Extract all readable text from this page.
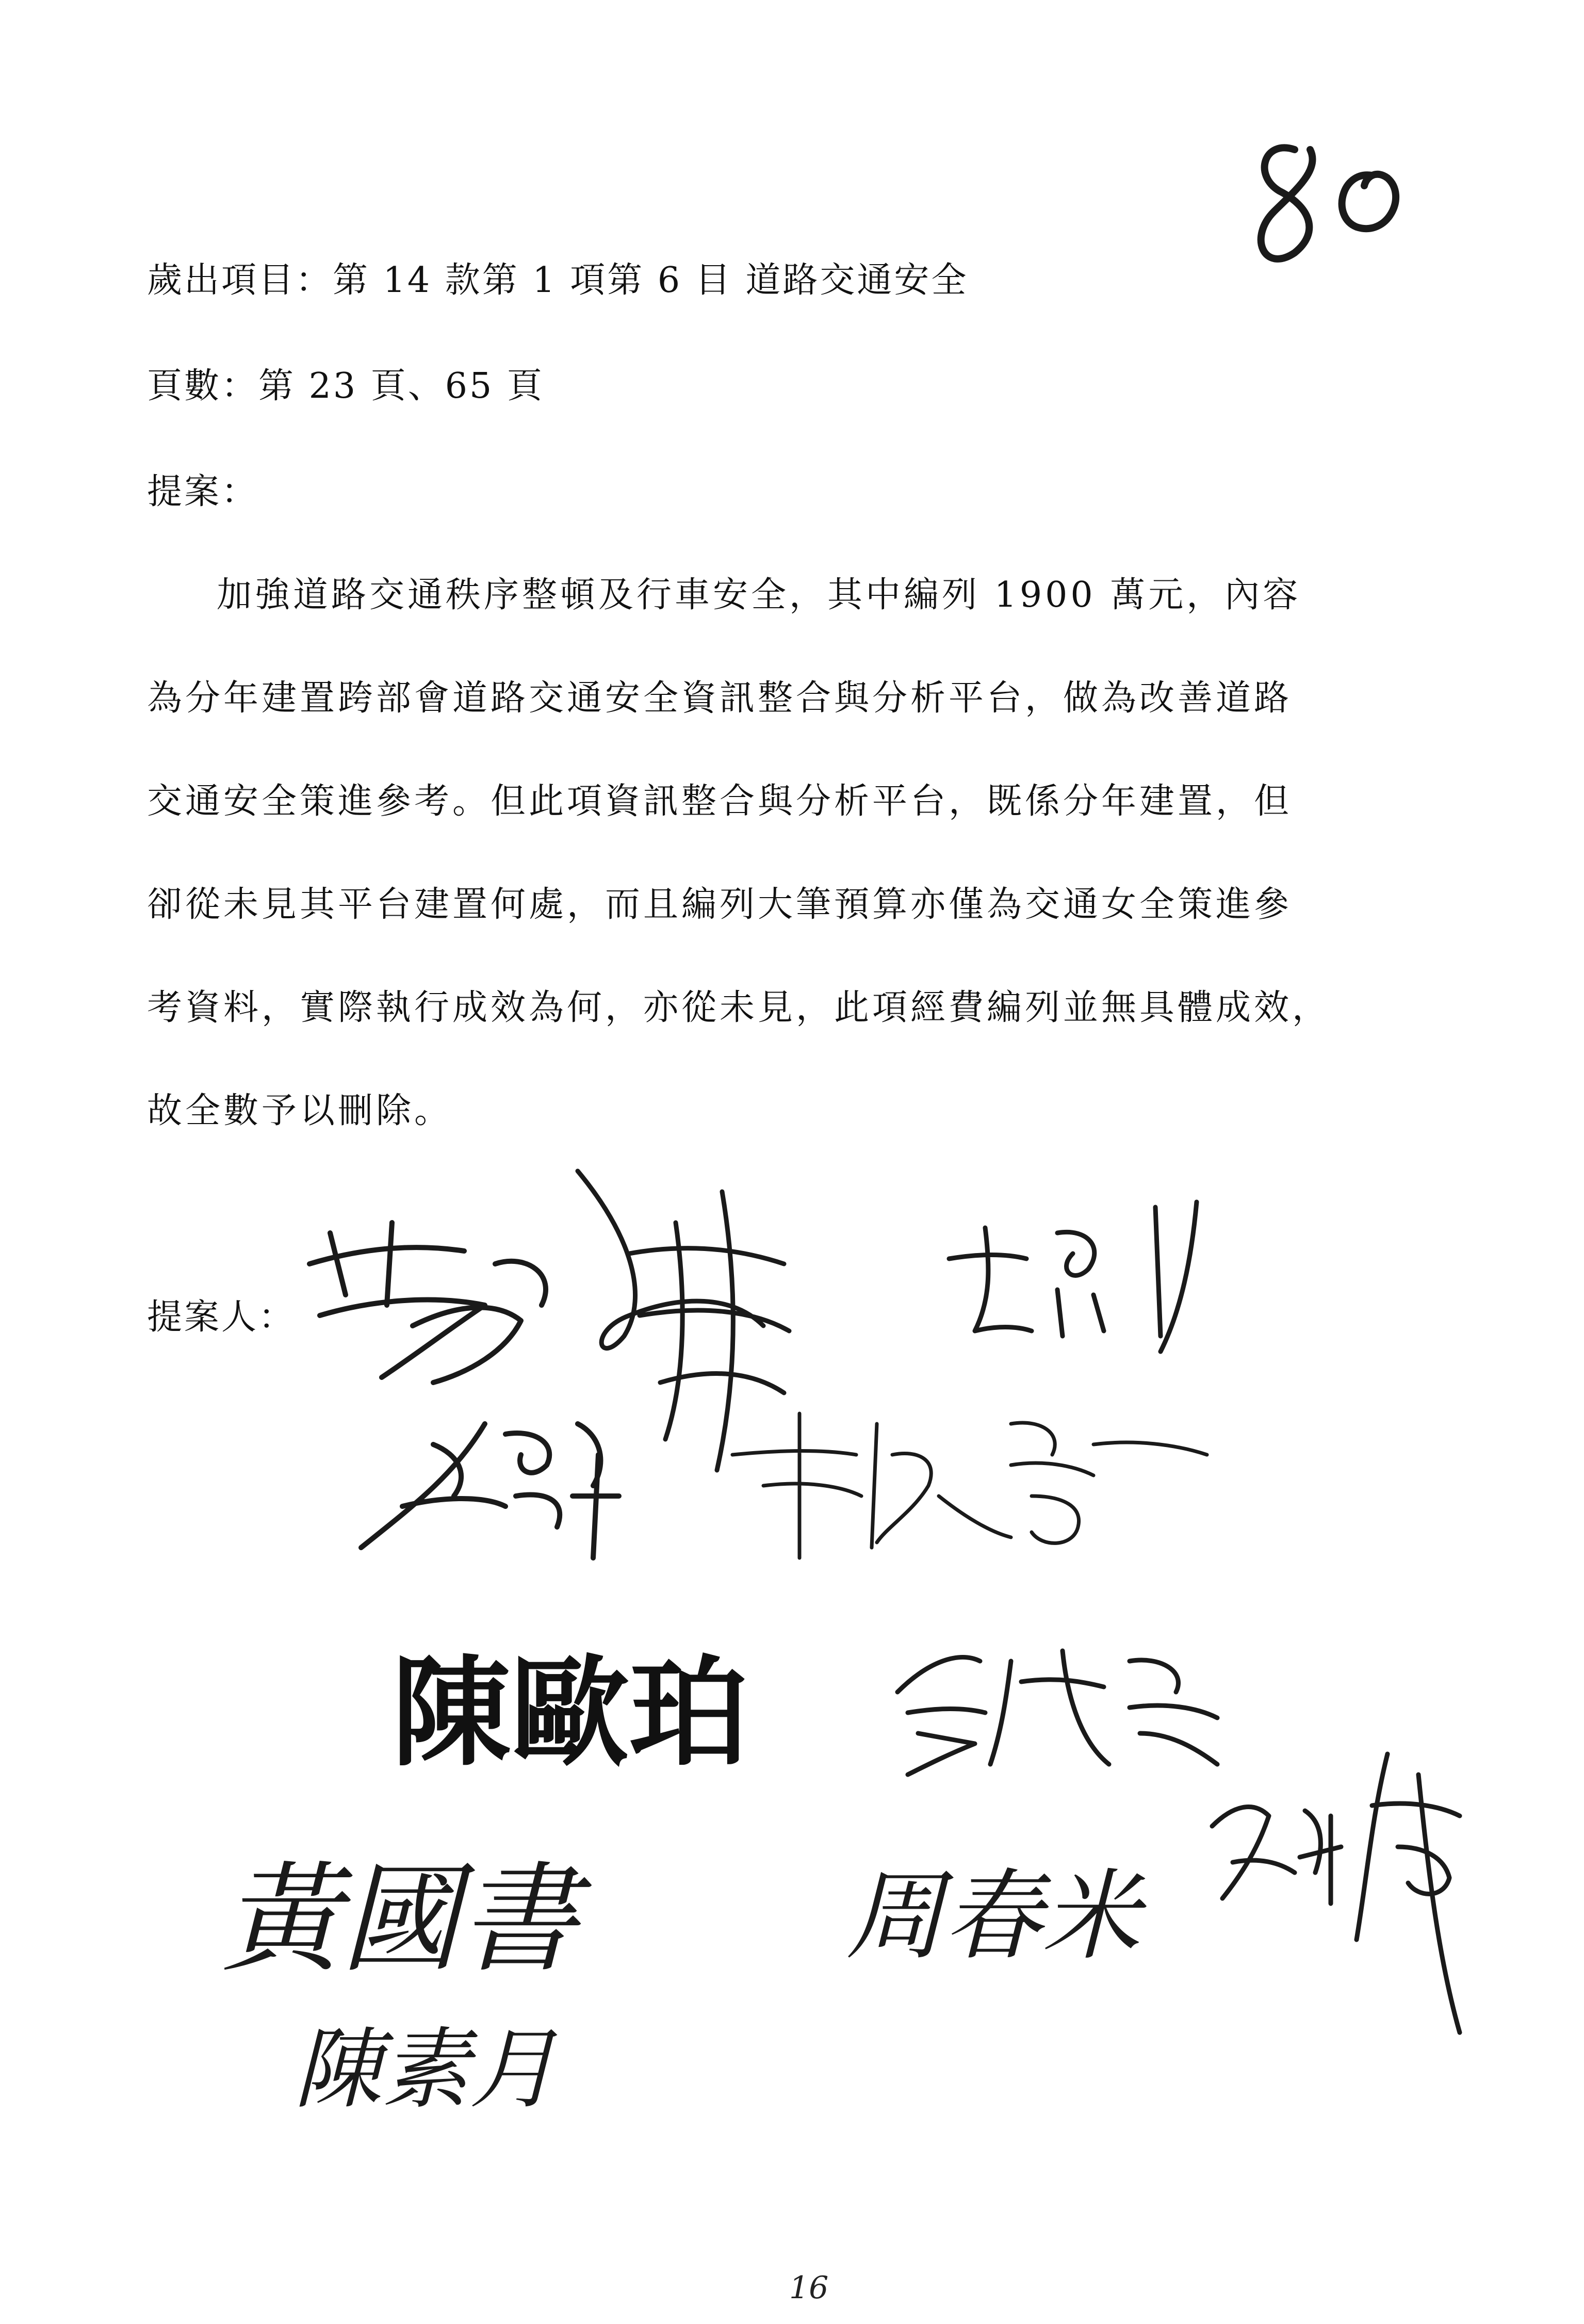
歲出項目：第 14 款第 1 項第 6 目 道路交通安全
頁數：第 23 頁、65 頁
提案：
加強道路交通秩序整頓及行車安全，其中編列 1900 萬元，內容
為分年建置跨部會道路交通安全資訊整合與分析平台，做為改善道路
交通安全策進參考。但此項資訊整合與分析平台，既係分年建置，但
卻從未見其平台建置何處，而且編列大筆預算亦僅為交通女全策進參
考資料，實際執行成效為何，亦從未見，此項經費編列並無具體成效，
故全數予以刪除。
提案人：
陳歐珀
黃國書	周春米
陳素月
16
